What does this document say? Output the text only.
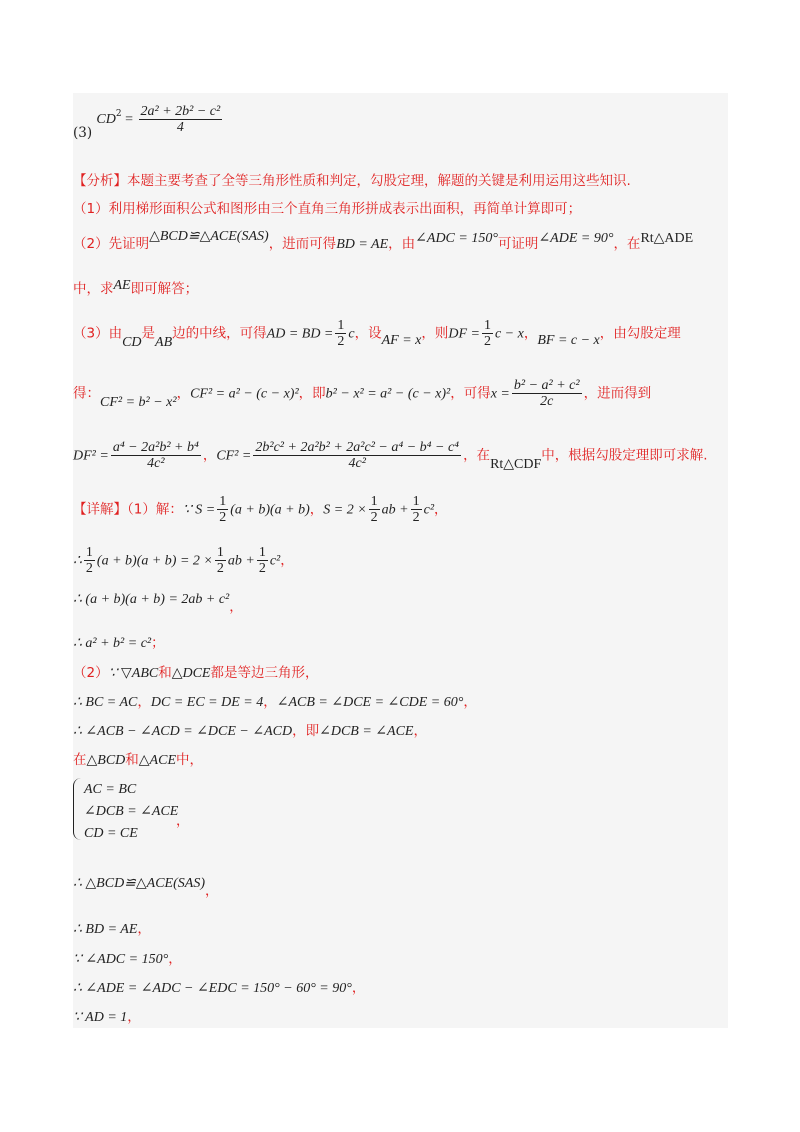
(3) $CD^2 = \frac{\text{2a² + 2b² − c²}}{4}$
【分析】本题主要考查了全等三角形性质和判定，勾股定理，解题的关键是利用运用这些知识.
（1）利用梯形面积公式和图形由三个直角三角形拼成表示出面积，再简单计算即可；
（2）先证明△BCD≌△ACE(SAS)，进而可得BD = AE，由∠ADC = 150°可证明∠ADE = 90°，在Rt△ADE
中，求AE即可解答；
（3）由CD是AB边的中线，可得AD = BD = $\frac{1}{2}$ c，设AF = x，则DF = $\frac{1}{2}$ c − x，BF = c − x，由勾股定理
得：CF² = b² − x²，CF² = a² − (c − x)²，即b² − x² = a² − (c − x)²，可得$x = \frac{\text{b² − a² + c²}}{2c}$ ，进而得到
$DF^2 = \frac{\text{a⁴ − 2a²b² + b⁴}}{\text{4c²}}$ ，$CF^2 = \frac{\text{2b²c² + 2a²b² + 2a²c² − a⁴ − b⁴ − c⁴}}{\text{4c²}}$ ，在Rt△CDF中，根据勾股定理即可求解.
【详解】（1）解：∵ $S = \frac{1}{2} (a + b)(a + b)$，$S = 2 \times \frac{1}{2}$ ab + $\frac{1}{2} c^2$，
∴ $\frac{1}{2} (a + b)(a + b) = 2 \times \frac{1}{2}$ ab + $\frac{1}{2} c^2$，
∴ (a + b)(a + b) = 2ab + c²，
∴ a² + b² = c²；
（2）∵ ▽ABC和△DCE都是等边三角形，
∴ BC = AC，DC = EC = DE = 4，∠ACB = ∠DCE = ∠CDE = 60°，
∴ ∠ACB − ∠ACD = ∠DCE − ∠ACD，即∠DCB = ∠ACE，
在△BCD和△ACE中，
AC = BC
∠DCB = ∠ACE
CD = CE
，
∴ △BCD≌△ACE(SAS)，
∴ BD = AE，
∵ ∠ADC = 150°，
∴ ∠ADE = ∠ADC − ∠EDC = 150° − 60° = 90°，
∵ AD = 1，
